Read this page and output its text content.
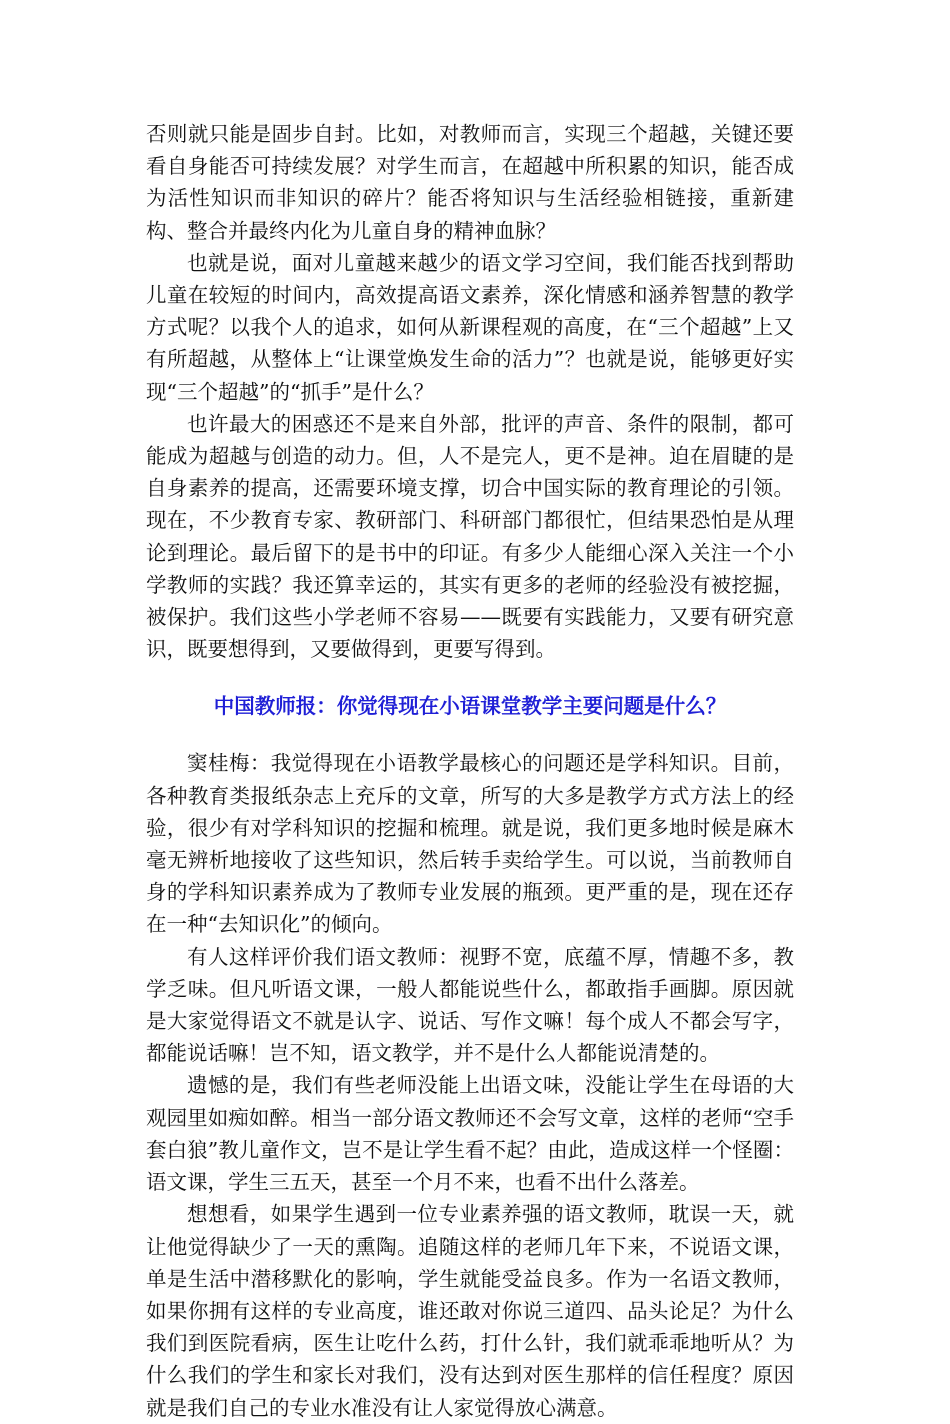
否则就只能是固步自封。比如，对教师而言，实现三个超越，关键还要看自身能否可持续发展？对学生而言，在超越中所积累的知识，能否成为活性知识而非知识的碎片？能否将知识与生活经验相链接，重新建构、整合并最终内化为儿童自身的精神血脉？

也就是说，面对儿童越来越少的语文学习空间，我们能否找到帮助儿童在较短的时间内，高效提高语文素养，深化情感和涵养智慧的教学方式呢？以我个人的追求，如何从新课程观的高度，在“三个超越”上又有所超越，从整体上“让课堂焕发生命的活力”？也就是说，能够更好实现“三个超越”的“抓手”是什么？

也许最大的困惑还不是来自外部，批评的声音、条件的限制，都可能成为超越与创造的动力。但，人不是完人，更不是神。迫在眉睫的是自身素养的提高，还需要环境支撑，切合中国实际的教育理论的引领。现在，不少教育专家、教研部门、科研部门都很忙，但结果恐怕是从理论到理论。最后留下的是书中的印证。有多少人能细心深入关注一个小学教师的实践？我还算幸运的，其实有更多的老师的经验没有被挖掘，被保护。我们这些小学老师不容易——既要有实践能力，又要有研究意识，既要想得到，又要做得到，更要写得到。

中国教师报：你觉得现在小语课堂教学主要问题是什么？

窦桂梅：我觉得现在小语教学最核心的问题还是学科知识。目前，各种教育类报纸杂志上充斥的文章，所写的大多是教学方式方法上的经验，很少有对学科知识的挖掘和梳理。就是说，我们更多地时候是麻木毫无辨析地接收了这些知识，然后转手卖给学生。可以说，当前教师自身的学科知识素养成为了教师专业发展的瓶颈。更严重的是，现在还存在一种“去知识化”的倾向。

有人这样评价我们语文教师：视野不宽，底蕴不厚，情趣不多，教学乏味。但凡听语文课，一般人都能说些什么，都敢指手画脚。原因就是大家觉得语文不就是认字、说话、写作文嘛！每个成人不都会写字，都能说话嘛！岂不知，语文教学，并不是什么人都能说清楚的。

遗憾的是，我们有些老师没能上出语文味，没能让学生在母语的大观园里如痴如醉。相当一部分语文教师还不会写文章，这样的老师“空手套白狼”教儿童作文，岂不是让学生看不起？由此，造成这样一个怪圈：语文课，学生三五天，甚至一个月不来，也看不出什么落差。

想想看，如果学生遇到一位专业素养强的语文教师，耽误一天，就让他觉得缺少了一天的熏陶。追随这样的老师几年下来，不说语文课，单是生活中潜移默化的影响，学生就能受益良多。作为一名语文教师，如果你拥有这样的专业高度，谁还敢对你说三道四、品头论足？为什么我们到医院看病，医生让吃什么药，打什么针，我们就乖乖地听从？为什么我们的学生和家长对我们，没有达到对医生那样的信任程度？原因就是我们自己的专业水准没有让人家觉得放心满意。
